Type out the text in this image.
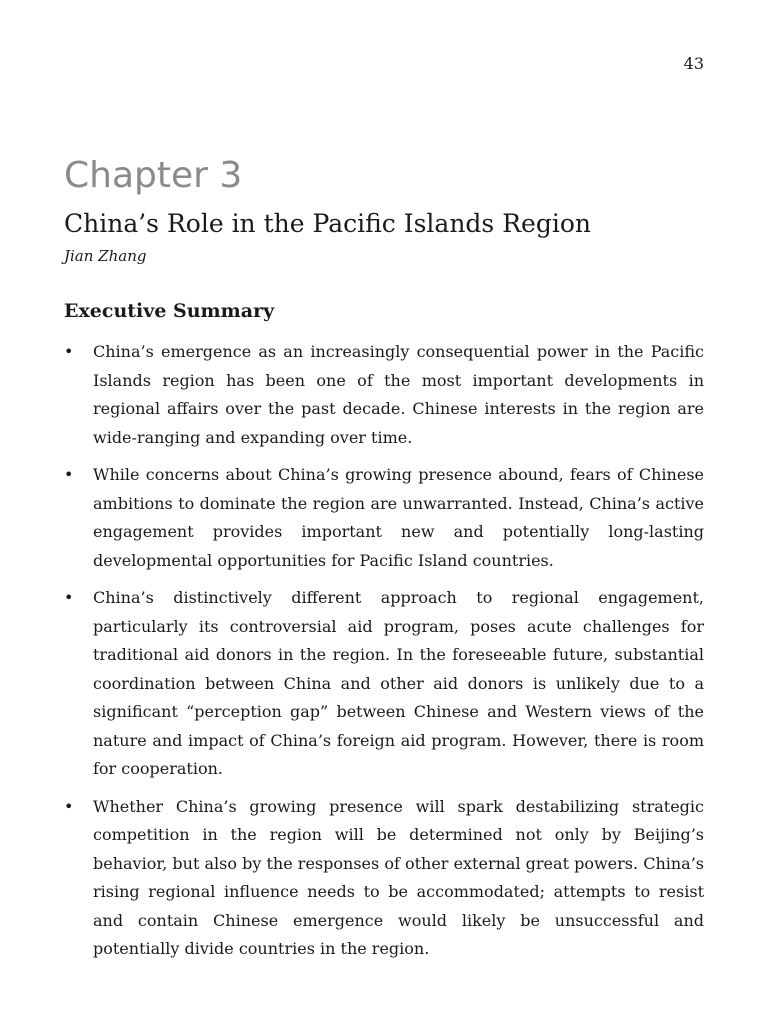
43
Chapter 3
China’s Role in the Pacific Islands Region

Jian Zhang

Executive Summary
• China’s emergence as an increasingly consequential power in the Pacific Islands region has been one of the most important developments in regional affairs over the past decade. Chinese interests in the region are wide-ranging and expanding over time.
• While concerns about China’s growing presence abound, fears of Chinese ambitions to dominate the region are unwarranted. Instead, China’s active engagement provides important new and potentially long-lasting developmental opportunities for Pacific Island countries.
• China’s distinctively different approach to regional engagement, particularly its controversial aid program, poses acute challenges for traditional aid donors in the region. In the foreseeable future, substantial coordination between China and other aid donors is unlikely due to a significant “perception gap” between Chinese and Western views of the nature and impact of China’s foreign aid program. However, there is room for cooperation.
• Whether China’s growing presence will spark destabilizing strategic competition in the region will be determined not only by Beijing’s behavior, but also by the responses of other external great powers. China’s rising regional influence needs to be accommodated; attempts to resist and contain Chinese emergence would likely be unsuccessful and potentially divide countries in the region.
